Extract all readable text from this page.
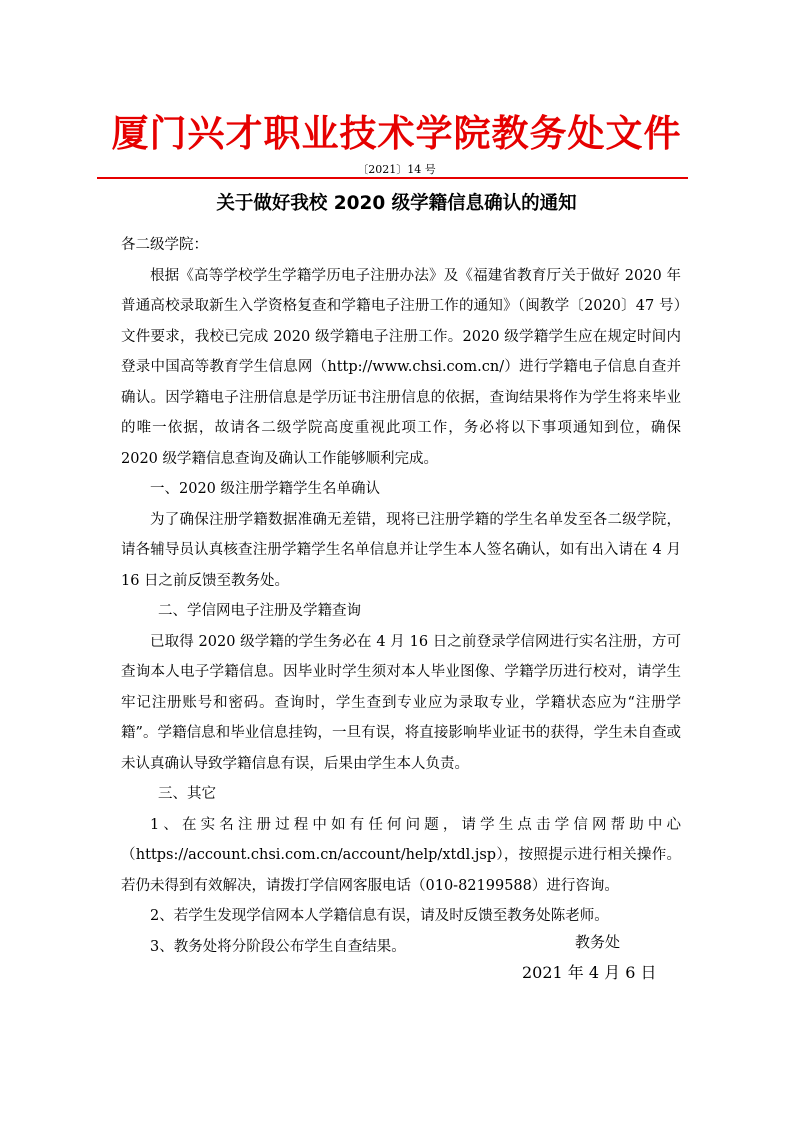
厦门兴才职业技术学院教务处文件
〔2021〕14 号
关于做好我校 2020 级学籍信息确认的通知

各二级学院：

根据《高等学校学生学籍学历电子注册办法》及《福建省教育厅关于做好 2020 年普通高校录取新生入学资格复查和学籍电子注册工作的通知》（闽教学〔2020〕47 号）文件要求，我校已完成 2020 级学籍电子注册工作。2020 级学籍学生应在规定时间内登录中国高等教育学生信息网（http://www.chsi.com.cn/）进行学籍电子信息自查并确认。因学籍电子注册信息是学历证书注册信息的依据，查询结果将作为学生将来毕业的唯一依据，故请各二级学院高度重视此项工作，务必将以下事项通知到位，确保 2020 级学籍信息查询及确认工作能够顺利完成。

一、2020 级注册学籍学生名单确认

为了确保注册学籍数据准确无差错，现将已注册学籍的学生名单发至各二级学院，请各辅导员认真核查注册学籍学生名单信息并让学生本人签名确认，如有出入请在 4 月 16 日之前反馈至教务处。

二、学信网电子注册及学籍查询

已取得 2020 级学籍的学生务必在 4 月 16 日之前登录学信网进行实名注册，方可查询本人电子学籍信息。因毕业时学生须对本人毕业图像、学籍学历进行校对，请学生牢记注册账号和密码。查询时，学生查到专业应为录取专业，学籍状态应为“注册学籍”。学籍信息和毕业信息挂钩，一旦有误，将直接影响毕业证书的获得，学生未自查或未认真确认导致学籍信息有误，后果由学生本人负责。

三、其它

1、在实名注册过程中如有任何问题，请学生点击学信网帮助中心（https://account.chsi.com.cn/account/help/xtdl.jsp），按照提示进行相关操作。若仍未得到有效解决，请拨打学信网客服电话（010-82199588）进行咨询。

2、若学生发现学信网本人学籍信息有误，请及时反馈至教务处陈老师。

3、教务处将分阶段公布学生自查结果。	教务处
2021 年 4 月 6 日
